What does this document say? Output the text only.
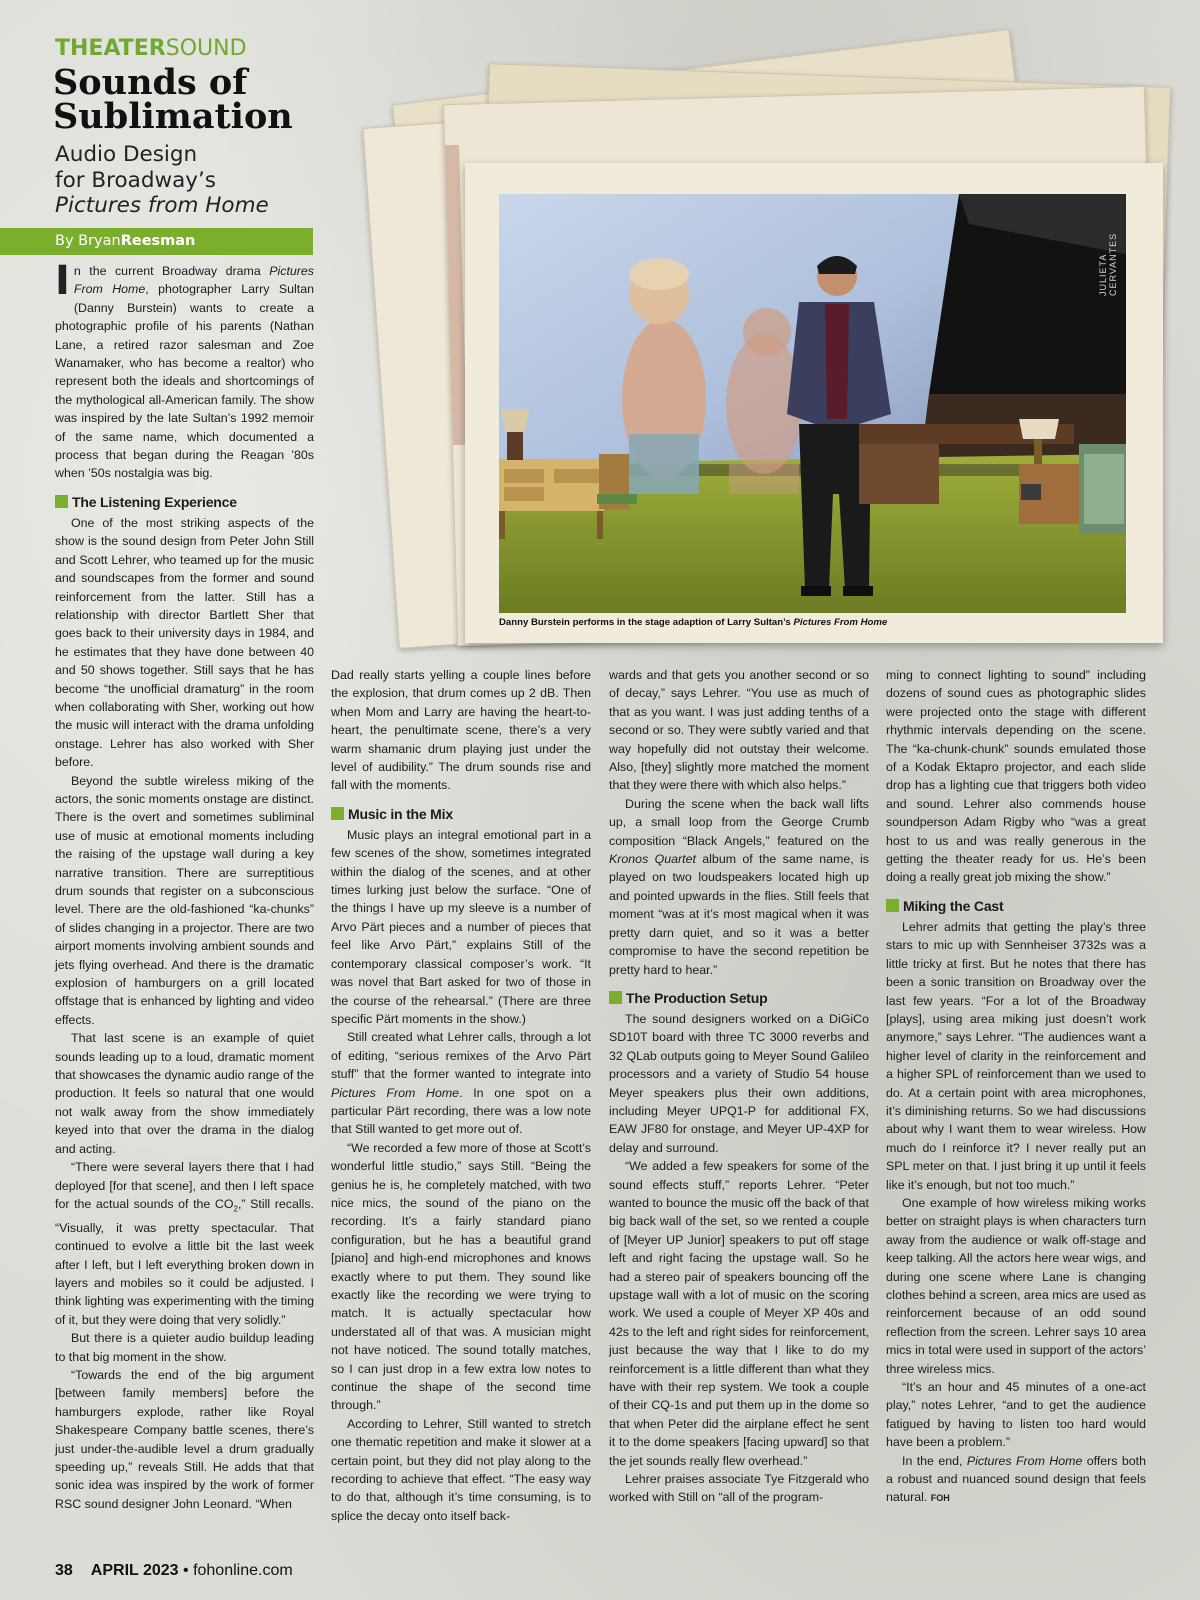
THEATERSOUND
Sounds of Sublimation
Audio Design
for Broadway’s
Pictures from Home
By BryanReesman
JULIETA CERVANTES
Danny Burstein performs in the stage adaption of Larry Sultan’s Pictures From Home

In the current Broadway drama Pictures From Home, photographer Larry Sultan (Danny Burstein) wants to create a photographic profile of his parents (Nathan Lane, a retired razor salesman and Zoe Wanamaker, who has become a realtor) who represent both the ideals and shortcomings of the mythological all-American family. The show was inspired by the late Sultan’s 1992 memoir of the same name, which documented a process that began during the Reagan ’80s when ’50s nostalgia was big.

The Listening Experience

One of the most striking aspects of the show is the sound design from Peter John Still and Scott Lehrer, who teamed up for the music and soundscapes from the former and sound reinforcement from the latter. Still has a relationship with director Bartlett Sher that goes back to their university days in 1984, and he estimates that they have done between 40 and 50 shows together. Still says that he has become “the unofficial dramaturg” in the room when collaborating with Sher, working out how the music will interact with the drama unfolding onstage. Lehrer has also worked with Sher before.

Beyond the subtle wireless miking of the actors, the sonic moments onstage are distinct. There is the overt and sometimes subliminal use of music at emotional moments including the raising of the upstage wall during a key narrative transition. There are surreptitious drum sounds that register on a subconscious level. There are the old-fashioned “ka-chunks” of slides changing in a projector. There are two airport moments involving ambient sounds and jets flying overhead. And there is the dramatic explosion of hamburgers on a grill located offstage that is enhanced by lighting and video effects.

That last scene is an example of quiet sounds leading up to a loud, dramatic moment that showcases the dynamic audio range of the production. It feels so natural that one would not walk away from the show immediately keyed into that over the drama in the dialog and acting.

“There were several layers there that I had deployed [for that scene], and then I left space for the actual sounds of the $CO_2$,” Still recalls. “Visually, it was pretty spectacular. That continued to evolve a little bit the last week after I left, but I left everything broken down in layers and mobiles so it could be adjusted. I think lighting was experimenting with the timing of it, but they were doing that very solidly.”

But there is a quieter audio buildup leading to that big moment in the show.

“Towards the end of the big argument [between family members] before the hamburgers explode, rather like Royal Shakespeare Company battle scenes, there’s just under-the-audible level a drum gradually speeding up,” reveals Still. He adds that that sonic idea was inspired by the work of former RSC sound designer John Leonard. “When

Dad really starts yelling a couple lines before the explosion, that drum comes up 2 dB. Then when Mom and Larry are having the heart-to-heart, the penultimate scene, there’s a very warm shamanic drum playing just under the level of audibility.” The drum sounds rise and fall with the moments.

Music in the Mix

Music plays an integral emotional part in a few scenes of the show, sometimes integrated within the dialog of the scenes, and at other times lurking just below the surface. “One of the things I have up my sleeve is a number of Arvo Pärt pieces and a number of pieces that feel like Arvo Pärt,” explains Still of the contemporary classical composer’s work. “It was novel that Bart asked for two of those in the course of the rehearsal.” (There are three specific Pärt moments in the show.)

Still created what Lehrer calls, through a lot of editing, “serious remixes of the Arvo Pärt stuff” that the former wanted to integrate into Pictures From Home. In one spot on a particular Pärt recording, there was a low note that Still wanted to get more out of.

“We recorded a few more of those at Scott’s wonderful little studio,” says Still. “Being the genius he is, he completely matched, with two nice mics, the sound of the piano on the recording. It’s a fairly standard piano configuration, but he has a beautiful grand [piano] and high-end microphones and knows exactly where to put them. They sound like exactly like the recording we were trying to match. It is actually spectacular how understated all of that was. A musician might not have noticed. The sound totally matches, so I can just drop in a few extra low notes to continue the shape of the second time through.”

According to Lehrer, Still wanted to stretch one thematic repetition and make it slower at a certain point, but they did not play along to the recording to achieve that effect. “The easy way to do that, although it’s time consuming, is to splice the decay onto itself back-

wards and that gets you another second or so of decay,” says Lehrer. “You use as much of that as you want. I was just adding tenths of a second or so. They were subtly varied and that way hopefully did not outstay their welcome. Also, [they] slightly more matched the moment that they were there with which also helps.”

During the scene when the back wall lifts up, a small loop from the George Crumb composition “Black Angels,” featured on the Kronos Quartet album of the same name, is played on two loudspeakers located high up and pointed upwards in the flies. Still feels that moment “was at it’s most magical when it was pretty darn quiet, and so it was a better compromise to have the second repetition be pretty hard to hear.”

The Production Setup

The sound designers worked on a DiGiCo SD10T board with three TC 3000 reverbs and 32 QLab outputs going to Meyer Sound Galileo processors and a variety of Studio 54 house Meyer speakers plus their own additions, including Meyer UPQ1-P for additional FX, EAW JF80 for onstage, and Meyer UP-4XP for delay and surround.

“We added a few speakers for some of the sound effects stuff,” reports Lehrer. “Peter wanted to bounce the music off the back of that big back wall of the set, so we rented a couple of [Meyer UP Junior] speakers to put off stage left and right facing the upstage wall. So he had a stereo pair of speakers bouncing off the upstage wall with a lot of music on the scoring work. We used a couple of Meyer XP 40s and 42s to the left and right sides for reinforcement, just because the way that I like to do my reinforcement is a little different than what they have with their rep system. We took a couple of their CQ-1s and put them up in the dome so that when Peter did the airplane effect he sent it to the dome speakers [facing upward] so that the jet sounds really flew overhead.”

Lehrer praises associate Tye Fitzgerald who worked with Still on “all of the program-

ming to connect lighting to sound” including dozens of sound cues as photographic slides were projected onto the stage with different rhythmic intervals depending on the scene. The “ka-chunk-chunk” sounds emulated those of a Kodak Ektapro projector, and each slide drop has a lighting cue that triggers both video and sound. Lehrer also commends house soundperson Adam Rigby who “was a great host to us and was really generous in the getting the theater ready for us. He’s been doing a really great job mixing the show.”

Miking the Cast

Lehrer admits that getting the play’s three stars to mic up with Sennheiser 3732s was a little tricky at first. But he notes that there has been a sonic transition on Broadway over the last few years. “For a lot of the Broadway [plays], using area miking just doesn’t work anymore,” says Lehrer. “The audiences want a higher level of clarity in the reinforcement and a higher SPL of reinforcement than we used to do. At a certain point with area microphones, it’s diminishing returns. So we had discussions about why I want them to wear wireless. How much do I reinforce it? I never really put an SPL meter on that. I just bring it up until it feels like it’s enough, but not too much.”

One example of how wireless miking works better on straight plays is when characters turn away from the audience or walk off-stage and keep talking. All the actors here wear wigs, and during one scene where Lane is changing clothes behind a screen, area mics are used as reinforcement because of an odd sound reflection from the screen. Lehrer says 10 area mics in total were used in support of the actors’ three wireless mics.

“It’s an hour and 45 minutes of a one-act play,” notes Lehrer, “and to get the audience fatigued by having to listen too hard would have been a problem.”

In the end, Pictures From Home offers both a robust and nuanced sound design that feels natural. FOH

38 APRIL 2023 • fohonline.com
